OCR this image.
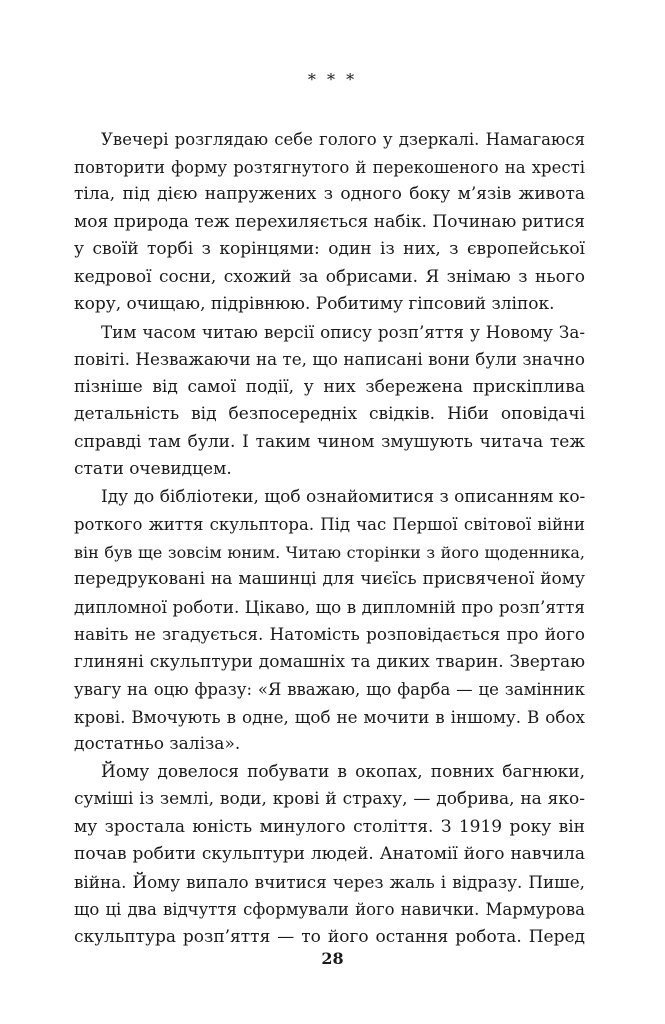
* * *
Увечері розглядаю себе голого у дзеркалі. Намагаюся
повторити форму розтягнутого й перекошеного на хресті
тіла, під дією напружених з одного боку м’язів живота
моя природа теж перехиляється набік. Починаю ритися
у своїй торбі з корінцями: один із них, з європейської
кедрової сосни, схожий за обрисами. Я знімаю з нього
кору, очищаю, підрівнюю. Робитиму гіпсовий зліпок.
Тим часом читаю версії опису розп’яття у Новому За-
повіті. Незважаючи на те, що написані вони були значно
пізніше від самої події, у них збережена прискіплива
детальність від безпосередніх свідків. Ніби оповідачі
справді там були. І таким чином змушують читача теж
стати очевидцем.
Іду до бібліотеки, щоб ознайомитися з описанням ко-
роткого життя скульптора. Під час Першої світової війни
він був ще зовсім юним. Читаю сторінки з його щоденника,
передруковані на машинці для чиєїсь присвяченої йому
дипломної роботи. Цікаво, що в дипломній про розп’яття
навіть не згадується. Натомість розповідається про його
глиняні скульптури домашніх та диких тварин. Звертаю
увагу на оцю фразу: «Я вважаю, що фарба — це замінник
крові. Вмочують в одне, щоб не мочити в іншому. В обох
достатньо заліза».
Йому довелося побувати в окопах, повних багнюки,
суміші із землі, води, крові й страху, — добрива, на яко-
му зростала юність минулого століття. З 1919 року він
почав робити скульптури людей. Анатомії його навчила
війна. Йому випало вчитися через жаль і відразу. Пише,
що ці два відчуття сформували його навички. Мармурова
скульптура розп’яття — то його остання робота. Перед
28
